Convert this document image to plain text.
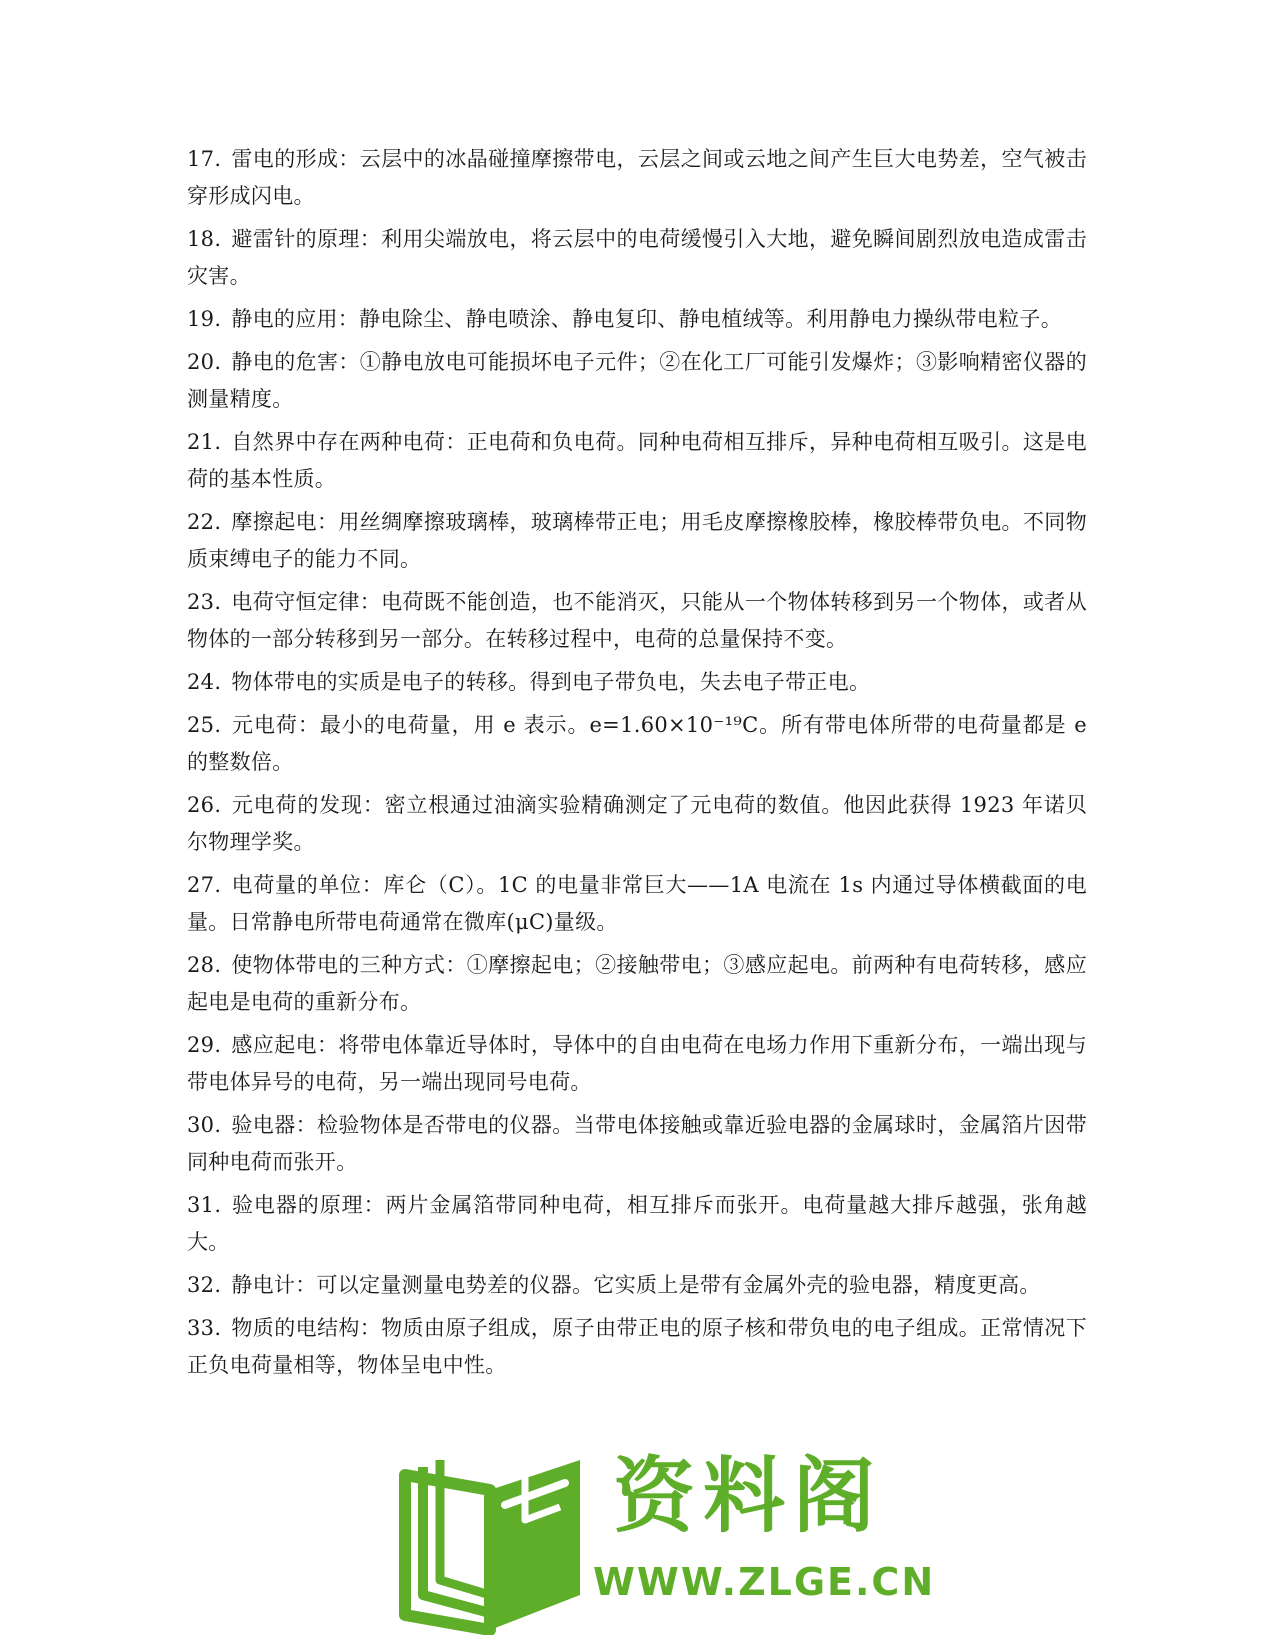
17. 雷电的形成：云层中的冰晶碰撞摩擦带电，云层之间或云地之间产生巨大电势差，空气被击穿形成闪电。

18. 避雷针的原理：利用尖端放电，将云层中的电荷缓慢引入大地，避免瞬间剧烈放电造成雷击灾害。

19. 静电的应用：静电除尘、静电喷涂、静电复印、静电植绒等。利用静电力操纵带电粒子。

20. 静电的危害：①静电放电可能损坏电子元件；②在化工厂可能引发爆炸；③影响精密仪器的测量精度。

21. 自然界中存在两种电荷：正电荷和负电荷。同种电荷相互排斥，异种电荷相互吸引。这是电荷的基本性质。

22. 摩擦起电：用丝绸摩擦玻璃棒，玻璃棒带正电；用毛皮摩擦橡胶棒，橡胶棒带负电。不同物质束缚电子的能力不同。

23. 电荷守恒定律：电荷既不能创造，也不能消灭，只能从一个物体转移到另一个物体，或者从物体的一部分转移到另一部分。在转移过程中，电荷的总量保持不变。

24. 物体带电的实质是电子的转移。得到电子带负电，失去电子带正电。

25. 元电荷：最小的电荷量，用 e 表示。e=1.60×10⁻¹⁹C。所有带电体所带的电荷量都是 e 的整数倍。

26. 元电荷的发现：密立根通过油滴实验精确测定了元电荷的数值。他因此获得 1923 年诺贝尔物理学奖。

27. 电荷量的单位：库仑（C）。1C 的电量非常巨大——1A 电流在 1s 内通过导体横截面的电量。日常静电所带电荷通常在微库(μC)量级。

28. 使物体带电的三种方式：①摩擦起电；②接触带电；③感应起电。前两种有电荷转移，感应起电是电荷的重新分布。

29. 感应起电：将带电体靠近导体时，导体中的自由电荷在电场力作用下重新分布，一端出现与带电体异号的电荷，另一端出现同号电荷。

30. 验电器：检验物体是否带电的仪器。当带电体接触或靠近验电器的金属球时，金属箔片因带同种电荷而张开。

31. 验电器的原理：两片金属箔带同种电荷，相互排斥而张开。电荷量越大排斥越强，张角越大。

32. 静电计：可以定量测量电势差的仪器。它实质上是带有金属外壳的验电器，精度更高。

33. 物质的电结构：物质由原子组成，原子由带正电的原子核和带负电的电子组成。正常情况下正负电荷量相等，物体呈电中性。

资料阁
WWW.ZLGE.CN
